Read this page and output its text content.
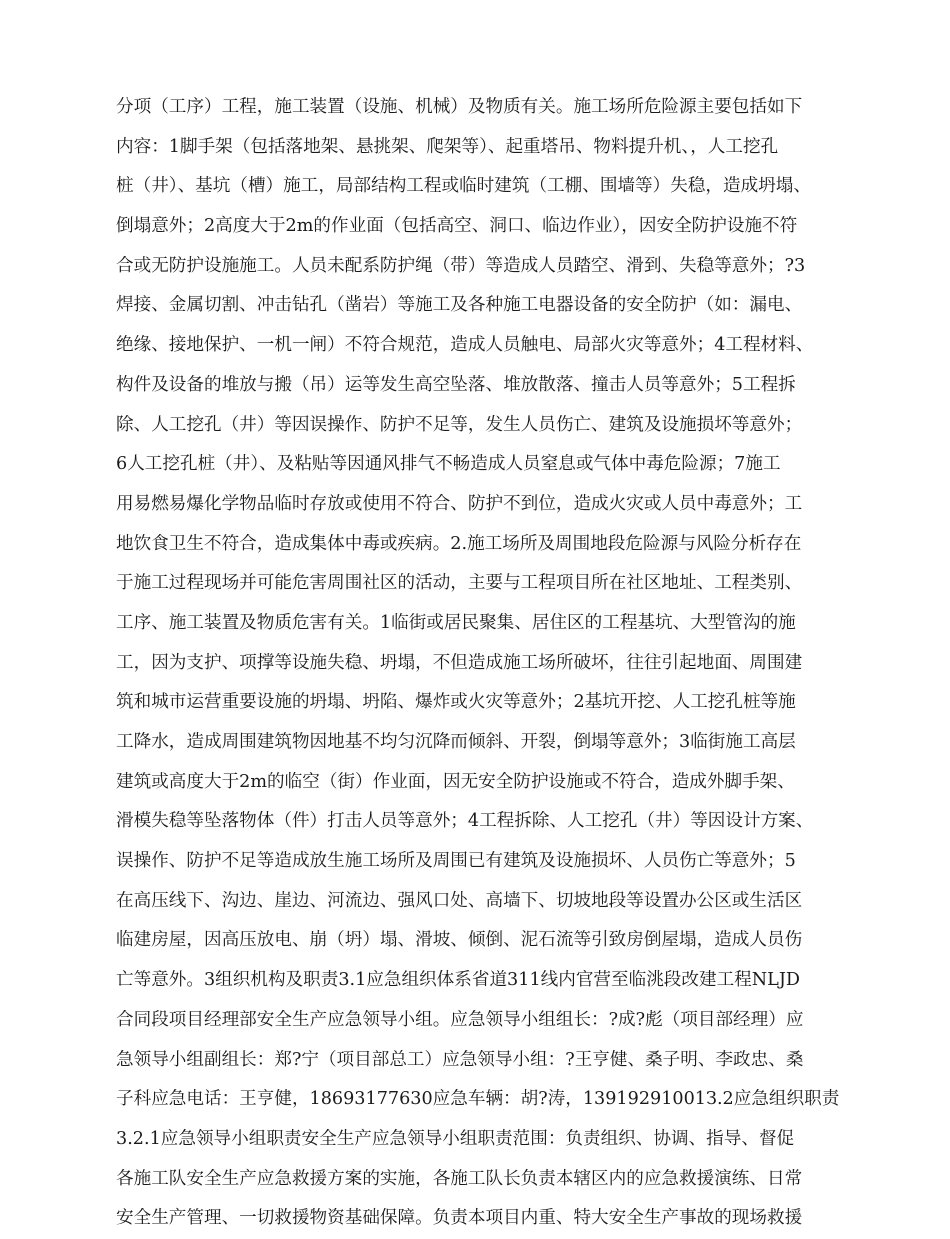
分项（工序）工程，施工装置（设施、机械）及物质有关。施工场所危险源主要包括如下
内容：1脚手架（包括落地架、悬挑架、爬架等）、起重塔吊、物料提升机、，人工挖孔
桩（井）、基坑（槽）施工，局部结构工程或临时建筑（工棚、围墙等）失稳，造成坍塌、
倒塌意外；2高度大于2m的作业面（包括高空、洞口、临边作业），因安全防护设施不符
合或无防护设施施工。人员未配系防护绳（带）等造成人员踏空、滑到、失稳等意外；?3
焊接、金属切割、冲击钻孔（凿岩）等施工及各种施工电器设备的安全防护（如：漏电、
绝缘、接地保护、一机一闸）不符合规范，造成人员触电、局部火灾等意外；4工程材料、
构件及设备的堆放与搬（吊）运等发生高空坠落、堆放散落、撞击人员等意外；5工程拆
除、人工挖孔（井）等因误操作、防护不足等，发生人员伤亡、建筑及设施损坏等意外；
6人工挖孔桩（井）、及粘贴等因通风排气不畅造成人员窒息或气体中毒危险源；7施工
用易燃易爆化学物品临时存放或使用不符合、防护不到位，造成火灾或人员中毒意外；工
地饮食卫生不符合，造成集体中毒或疾病。2.施工场所及周围地段危险源与风险分析存在
于施工过程现场并可能危害周围社区的活动，主要与工程项目所在社区地址、工程类别、
工序、施工装置及物质危害有关。1临街或居民聚集、居住区的工程基坑、大型管沟的施
工，因为支护、项撑等设施失稳、坍塌，不但造成施工场所破坏，往往引起地面、周围建
筑和城市运营重要设施的坍塌、坍陷、爆炸或火灾等意外；2基坑开挖、人工挖孔桩等施
工降水，造成周围建筑物因地基不均匀沉降而倾斜、开裂，倒塌等意外；3临街施工高层
建筑或高度大于2m的临空（街）作业面，因无安全防护设施或不符合，造成外脚手架、
滑模失稳等坠落物体（件）打击人员等意外；4工程拆除、人工挖孔（井）等因设计方案、
误操作、防护不足等造成放生施工场所及周围已有建筑及设施损坏、人员伤亡等意外；5
在高压线下、沟边、崖边、河流边、强风口处、高墙下、切坡地段等设置办公区或生活区
临建房屋，因高压放电、崩（坍）塌、滑坡、倾倒、泥石流等引致房倒屋塌，造成人员伤
亡等意外。3组织机构及职责3.1应急组织体系省道311线内官营至临洮段改建工程NLJD
合同段项目经理部安全生产应急领导小组。应急领导小组组长：?成?彪（项目部经理）应
急领导小组副组长：郑?宁（项目部总工）应急领导小组：?王亨健、桑子明、李政忠、桑
子科应急电话：王亨健，18693177630应急车辆：胡?涛，13919291001З.2应急组织职责
3.2.1应急领导小组职责安全生产应急领导小组职责范围：负责组织、协调、指导、督促
各施工队安全生产应急救援方案的实施，各施工队长负责本辖区内的应急救援演练、日常
安全生产管理、一切救援物资基础保障。负责本项目内重、特大安全生产事故的现场救援
